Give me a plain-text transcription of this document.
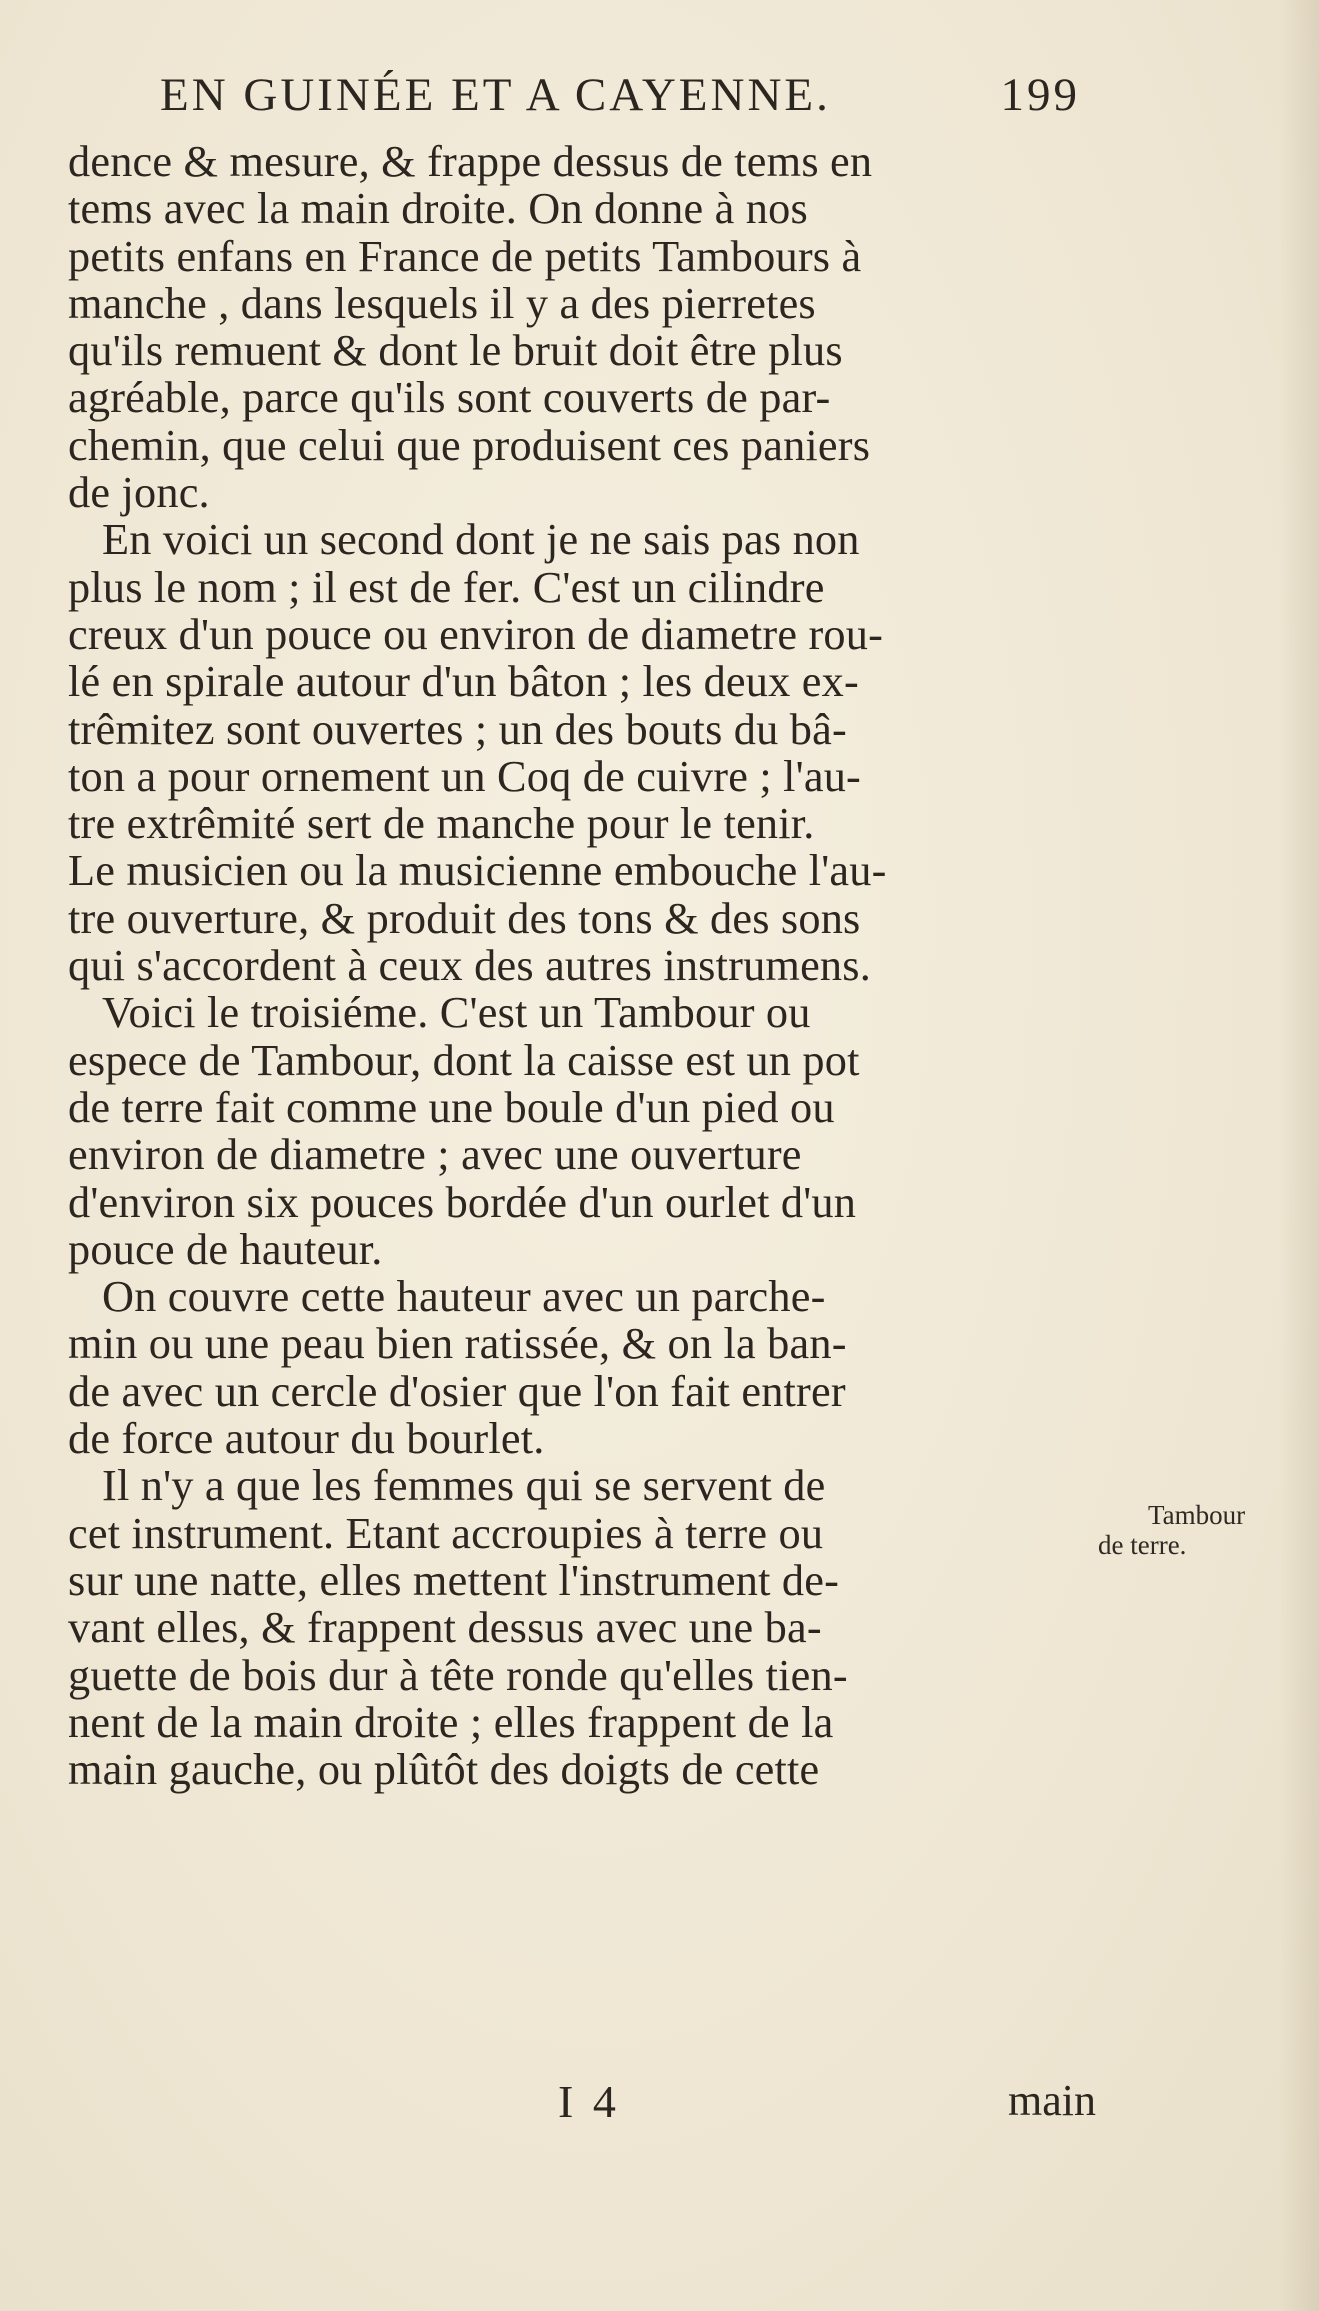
EN GUINÉE ET A CAYENNE.	199
dence & mesure, & frappe dessus de tems en
tems avec la main droite. On donne à nos
petits enfans en France de petits Tambours à
manche , dans lesquels il y a des pierretes
qu'ils remuent & dont le bruit doit être plus
agréable, parce qu'ils sont couverts de par-
chemin, que celui que produisent ces paniers
de jonc.
En voici un second dont je ne sais pas non
plus le nom ; il est de fer. C'est un cilindre
creux d'un pouce ou environ de diametre rou-
lé en spirale autour d'un bâton ; les deux ex-
trêmitez sont ouvertes ; un des bouts du bâ-
ton a pour ornement un Coq de cuivre ; l'au-
tre extrêmité sert de manche pour le tenir.
Le musicien ou la musicienne embouche l'au-
tre ouverture, & produit des tons & des sons
qui s'accordent à ceux des autres instrumens.
Voici le troisiéme. C'est un Tambour ou
espece de Tambour, dont la caisse est un pot
de terre fait comme une boule d'un pied ou
environ de diametre ; avec une ouverture
d'environ six pouces bordée d'un ourlet d'un
pouce de hauteur.
On couvre cette hauteur avec un parche-
min ou une peau bien ratissée, & on la ban-
de avec un cercle d'osier que l'on fait entrer
de force autour du bourlet.
Il n'y a que les femmes qui se servent de
cet instrument. Etant accroupies à terre ou
sur une natte, elles mettent l'instrument de-
vant elles, & frappent dessus avec une ba-
guette de bois dur à tête ronde qu'elles tien-
nent de la main droite ; elles frappent de la
main gauche, ou plûtôt des doigts de cette
Tambour
de terre.
I 4	main
